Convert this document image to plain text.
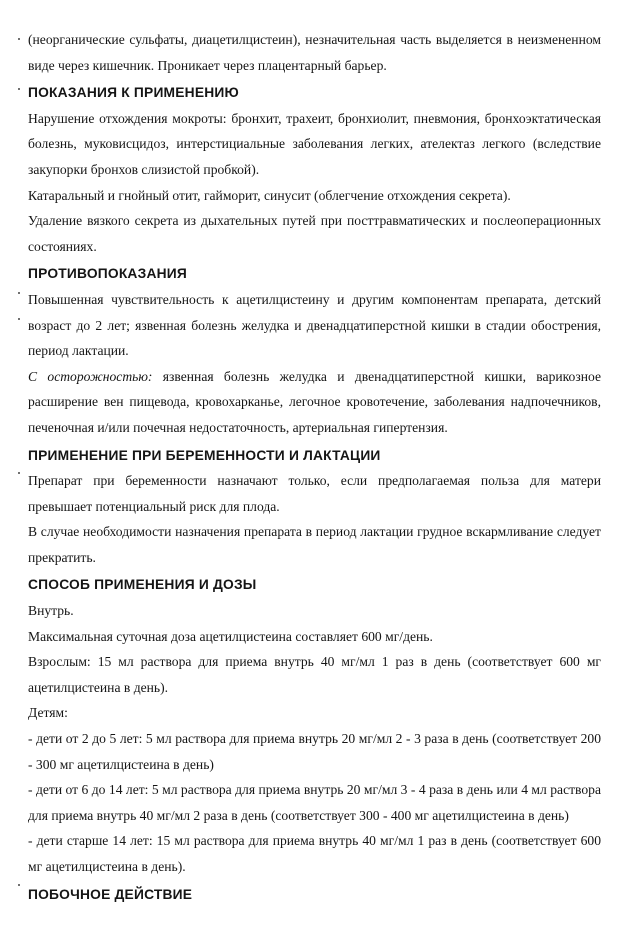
(неорганические сульфаты, диацетилцистеин), незначительная часть выделяется в неизмененном виде через кишечник. Проникает через плацентарный барьер.

ПОКАЗАНИЯ К ПРИМЕНЕНИЮ

Нарушение отхождения мокроты: бронхит, трахеит, бронхиолит, пневмония, бронхоэктатическая болезнь, муковисцидоз, интерстициальные заболевания легких, ателектаз легкого (вследствие закупорки бронхов слизистой пробкой).

Катаральный и гнойный отит, гайморит, синусит (облегчение отхождения секрета).

Удаление вязкого секрета из дыхательных путей при посттравматических и послеоперационных состояниях.

ПРОТИВОПОКАЗАНИЯ

Повышенная чувствительность к ацетилцистеину и другим компонентам препарата, детский возраст до 2 лет; язвенная болезнь желудка и двенадцатиперстной кишки в стадии обострения, период лактации.

С осторожностью: язвенная болезнь желудка и двенадцатиперстной кишки, варикозное расширение вен пищевода, кровохарканье, легочное кровотечение, заболевания надпочечников, печеночная и/или почечная недостаточность, артериальная гипертензия.

ПРИМЕНЕНИЕ ПРИ БЕРЕМЕННОСТИ И ЛАКТАЦИИ

Препарат при беременности назначают только, если предполагаемая польза для матери превышает потенциальный риск для плода.

В случае необходимости назначения препарата в период лактации грудное вскармливание следует прекратить.

СПОСОБ ПРИМЕНЕНИЯ И ДОЗЫ

Внутрь.

Максимальная суточная доза ацетилцистеина составляет 600 мг/день.

Взрослым: 15 мл раствора для приема внутрь 40 мг/мл 1 раз в день (соответствует 600 мг ацетилцистеина в день).

Детям:

- дети от 2 до 5 лет: 5 мл раствора для приема внутрь 20 мг/мл 2 - 3 раза в день (соответствует 200 - 300 мг ацетилцистеина в день)

- дети от 6 до 14 лет: 5 мл раствора для приема внутрь 20 мг/мл 3 - 4 раза в день или 4 мл раствора для приема внутрь 40 мг/мл 2 раза в день (соответствует 300 - 400 мг ацетилцистеина в день)

- дети старше 14 лет: 15 мл раствора для приема внутрь 40 мг/мл 1 раз в день (соответствует 600 мг ацетилцистеина в день).

ПОБОЧНОЕ ДЕЙСТВИЕ
